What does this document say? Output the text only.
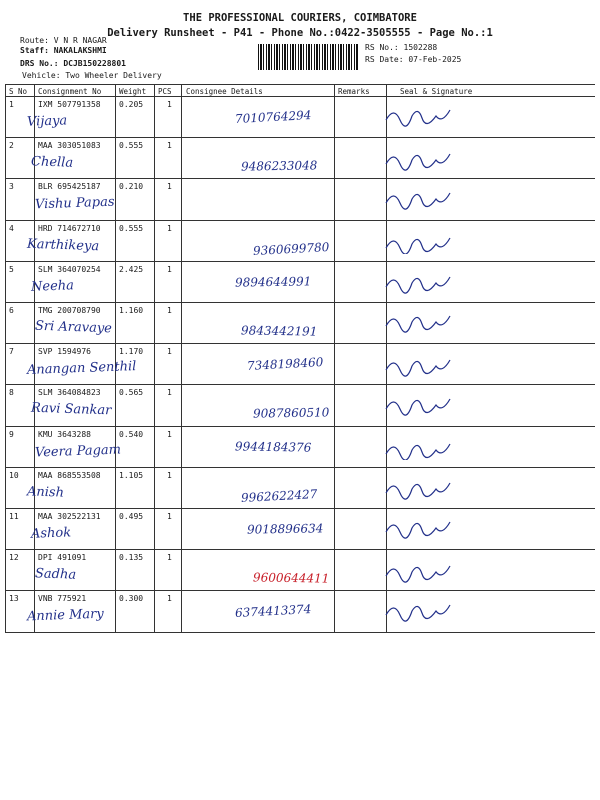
THE PROFESSIONAL COURIERS, COIMBATORE
Delivery Runsheet - P41 - Phone No.:0422-3505555 - Page No.:1
Route: V N R NAGAR
Staff: NAKALAKSHMI
DRS No.: DCJB150228801
Vehicle: Two Wheeler Delivery
RS No.: 1502288
RS Date: 07-Feb-2025
S No Consignment No Weight PCS Consignee Details	Remarks	Seal & Signature
1	IXM 507791358 0.205	1
Vijaya	7010764294
2	MAA 303051083 0.555	1
Chella	9486233048
3	BLR 695425187 0.210	1
Vishu Papas
4	HRD 714672710 0.555	1
Karthikeya	9360699780
5	SLM 364070254 2.425	1
Neeha	9894644991
6	TMG 200708790 1.160	1
Sri Aravaye	9843442191
7	SVP 1594976	1.170	1
Anangan Senthil	7348198460
8	SLM 364084823 0.565	1
Ravi Sankar	9087860510
9	KMU 3643288	0.540	1
Veera Pagam	9944184376
10 MAA 868553508 1.105	1
Anish	9962622427
11 MAA 302522131 0.495	1
Ashok	9018896634
12 DPI 491091	0.135	1
Sadha	9600644411
13 VNB 775921	0.300	1
Annie Mary	6374413374
